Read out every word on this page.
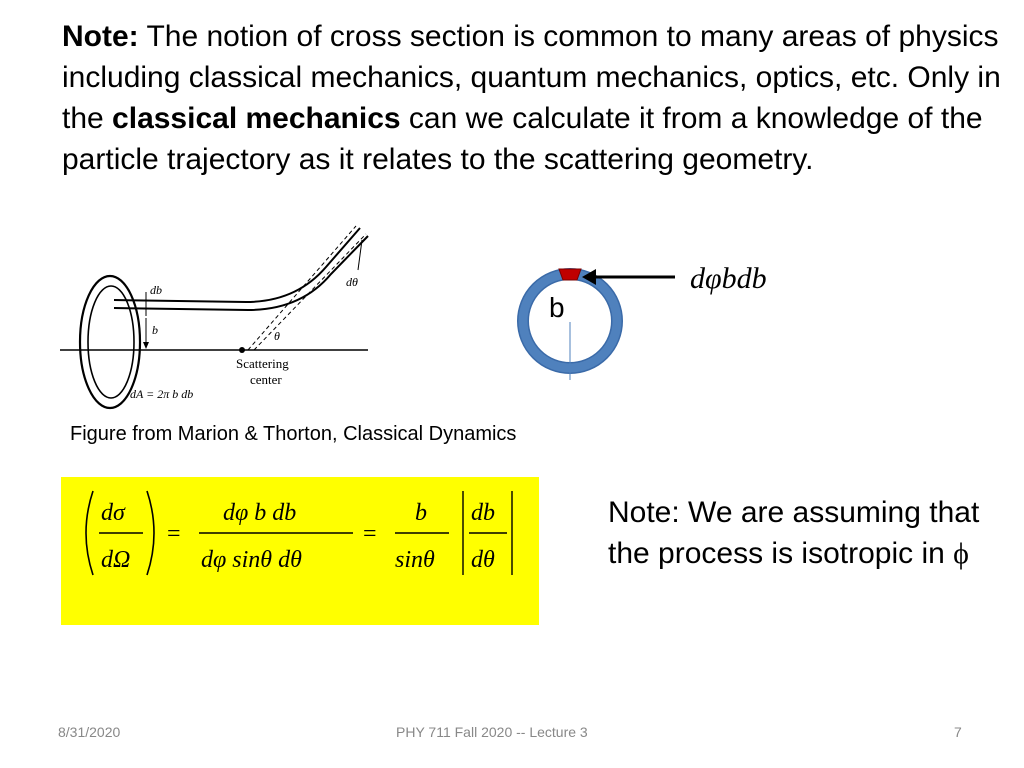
Note: The notion of cross section is common to many areas of physics including classical mechanics, quantum mechanics, optics, etc. Only in the classical mechanics can we calculate it from a knowledge of the particle trajectory as it relates to the scattering geometry.
db
dθ
b	θ
Scattering
center
dA = 2π b db
dφbdb
b
Figure from Marion & Thorton, Classical Dynamics
dσ
dΩ
=
dφ b db
dφ sinθ dθ
=
b
sinθ
db
dθ
Note: We are assuming that the process is isotropic in ϕ
8/31/2020	PHY 711 Fall 2020 -- Lecture 3	7
